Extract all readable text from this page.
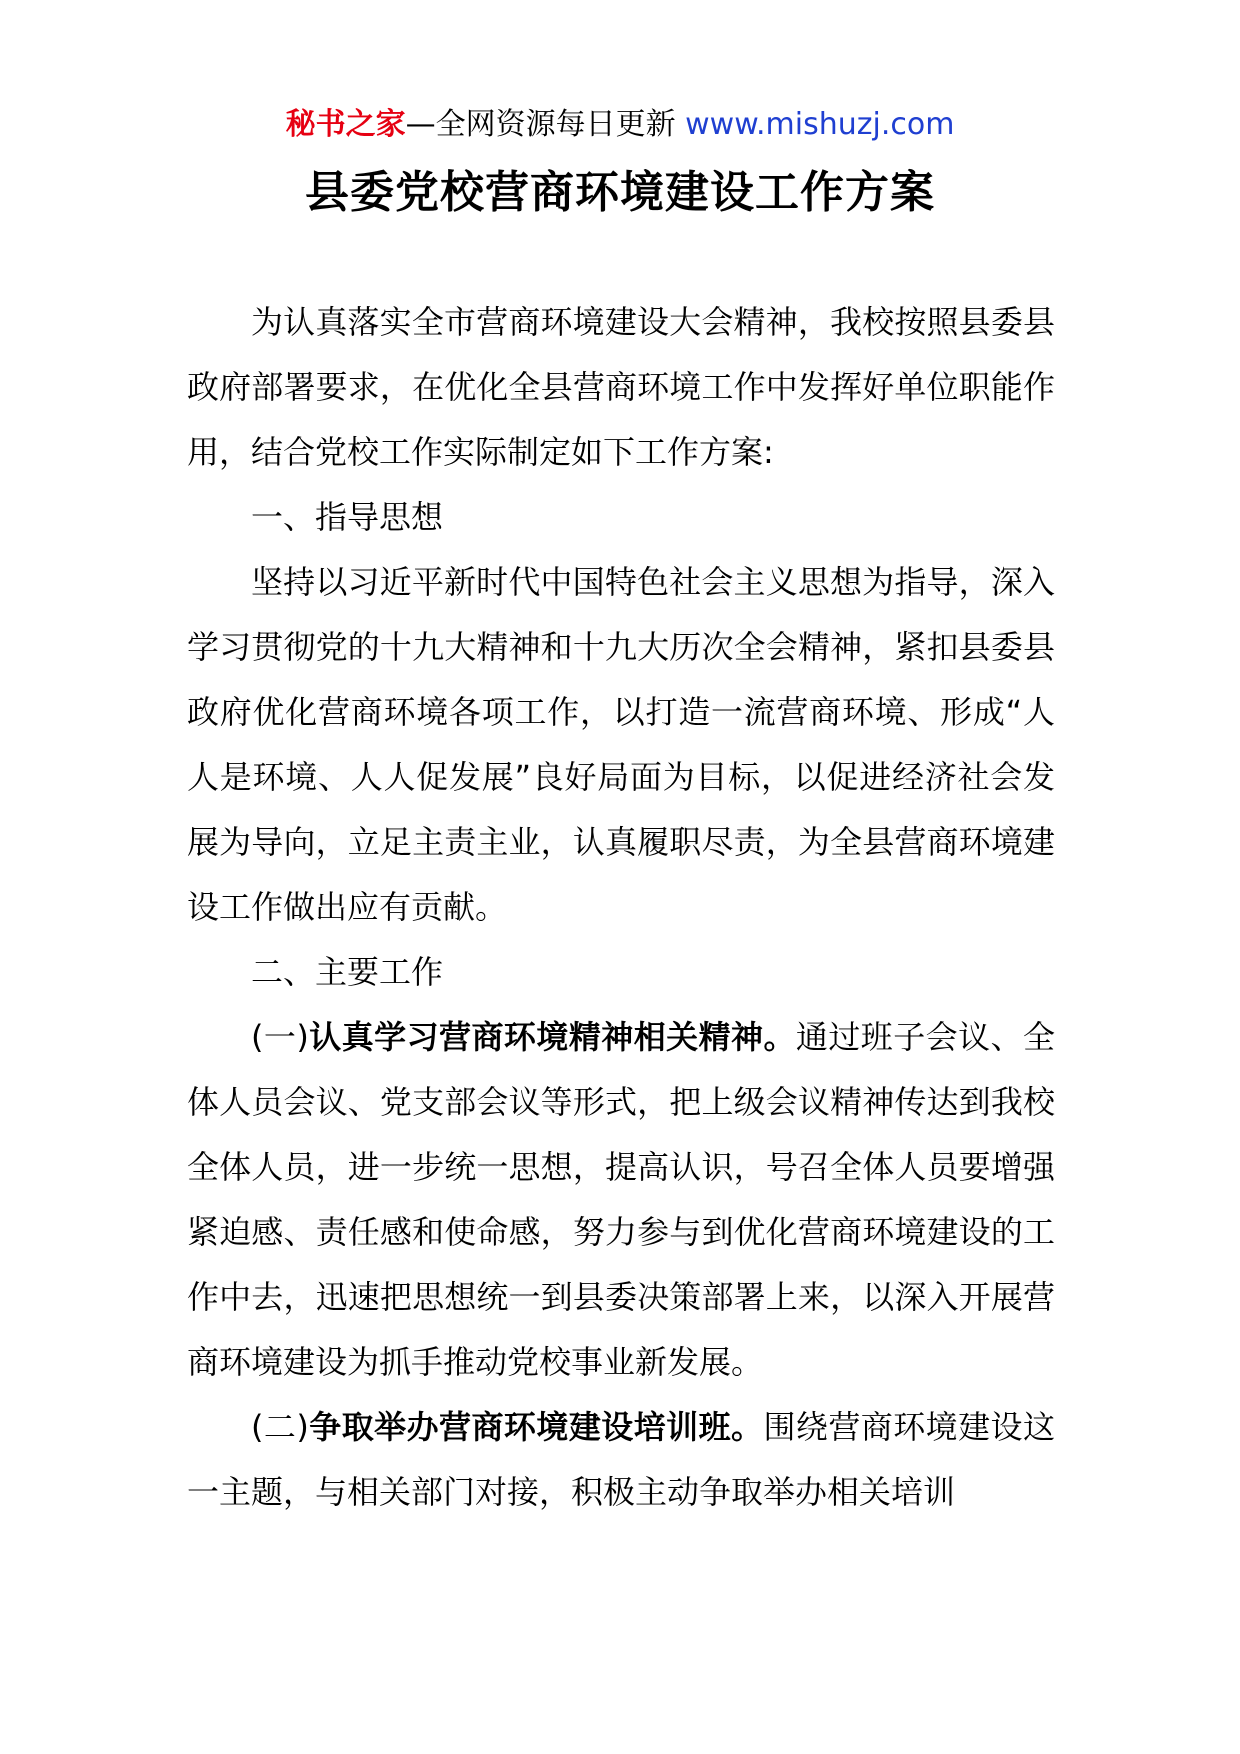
秘书之家—全网资源每日更新 www.mishuzj.com
县委党校营商环境建设工作方案

为认真落实全市营商环境建设大会精神，我校按照县委县政府部署要求，在优化全县营商环境工作中发挥好单位职能作用，结合党校工作实际制定如下工作方案:

一、指导思想

坚持以习近平新时代中国特色社会主义思想为指导，深入学习贯彻党的十九大精神和十九大历次全会精神，紧扣县委县政府优化营商环境各项工作，以打造一流营商环境、形成“人人是环境、人人促发展”良好局面为目标，以促进经济社会发展为导向，立足主责主业，认真履职尽责，为全县营商环境建设工作做出应有贡献。

二、主要工作

(一)认真学习营商环境精神相关精神。通过班子会议、全体人员会议、党支部会议等形式，把上级会议精神传达到我校全体人员，进一步统一思想，提高认识，号召全体人员要增强紧迫感、责任感和使命感，努力参与到优化营商环境建设的工作中去，迅速把思想统一到县委决策部署上来，以深入开展营商环境建设为抓手推动党校事业新发展。

(二)争取举办营商环境建设培训班。围绕营商环境建设这一主题，与相关部门对接，积极主动争取举办相关培训
